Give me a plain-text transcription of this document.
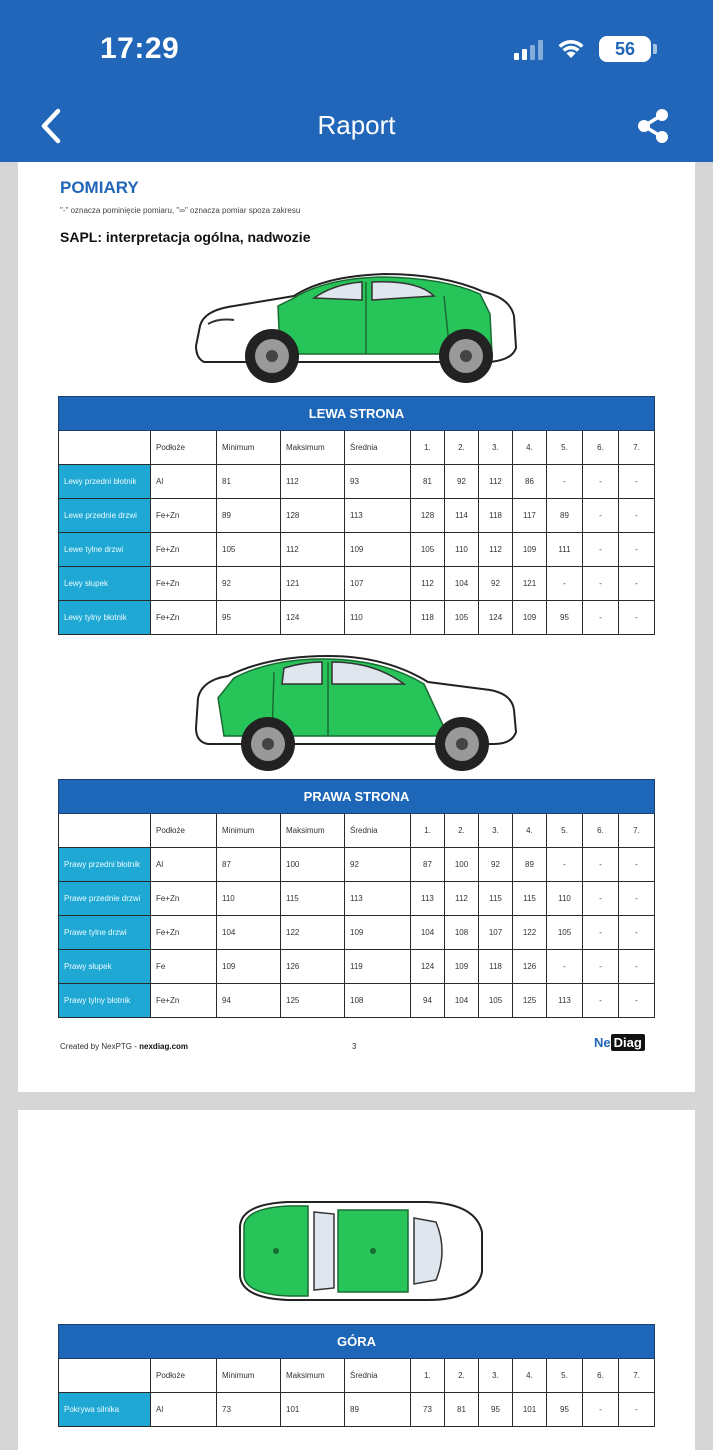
17:29	56
Raport
POMIARY
"-" oznacza pominięcie pomiaru, "∞" oznacza pomiar spoza zakresu
SAPL: interpretacja ogólna, nadwozie
LEWA STRONA											
	Podłoże	Minimum	Maksimum	Średnia	1.	2.	3.	4.	5.	6.	7.
Lewy przedni błotnik	Al	81	112	93	81	92	112	86	-	-	-
Lewe przednie drzwi	Fe+Zn	89	128	113	128	114	118	117	89	-	-
Lewe tylne drzwi	Fe+Zn	105	112	109	105	110	112	109	111	-	-
Lewy słupek	Fe+Zn	92	121	107	112	104	92	121	-	-	-
Lewy tylny błotnik	Fe+Zn	95	124	110	118	105	124	109	95	-	-
PRAWA STRONA											
	Podłoże	Minimum	Maksimum	Średnia	1.	2.	3.	4.	5.	6.	7.
Prawy przedni błotnik	Al	87	100	92	87	100	92	89	-	-	-
Prawe przednie drzwi	Fe+Zn	110	115	113	113	112	115	115	110	-	-
Prawe tylne drzwi	Fe+Zn	104	122	109	104	108	107	122	105	-	-
Prawy słupek	Fe	109	126	119	124	109	118	126	-	-	-
Prawy tylny błotnik	Fe+Zn	94	125	108	94	104	105	125	113	-	-
Created by NexPTG - nexdiag.com	3	Ne Diag
GÓRA											
	Podłoże	Minimum	Maksimum	Średnia	1.	2.	3.	4.	5.	6.	7.
Pokrywa silnika	Al	73	101	89	73	81	95	101	95	-	-
